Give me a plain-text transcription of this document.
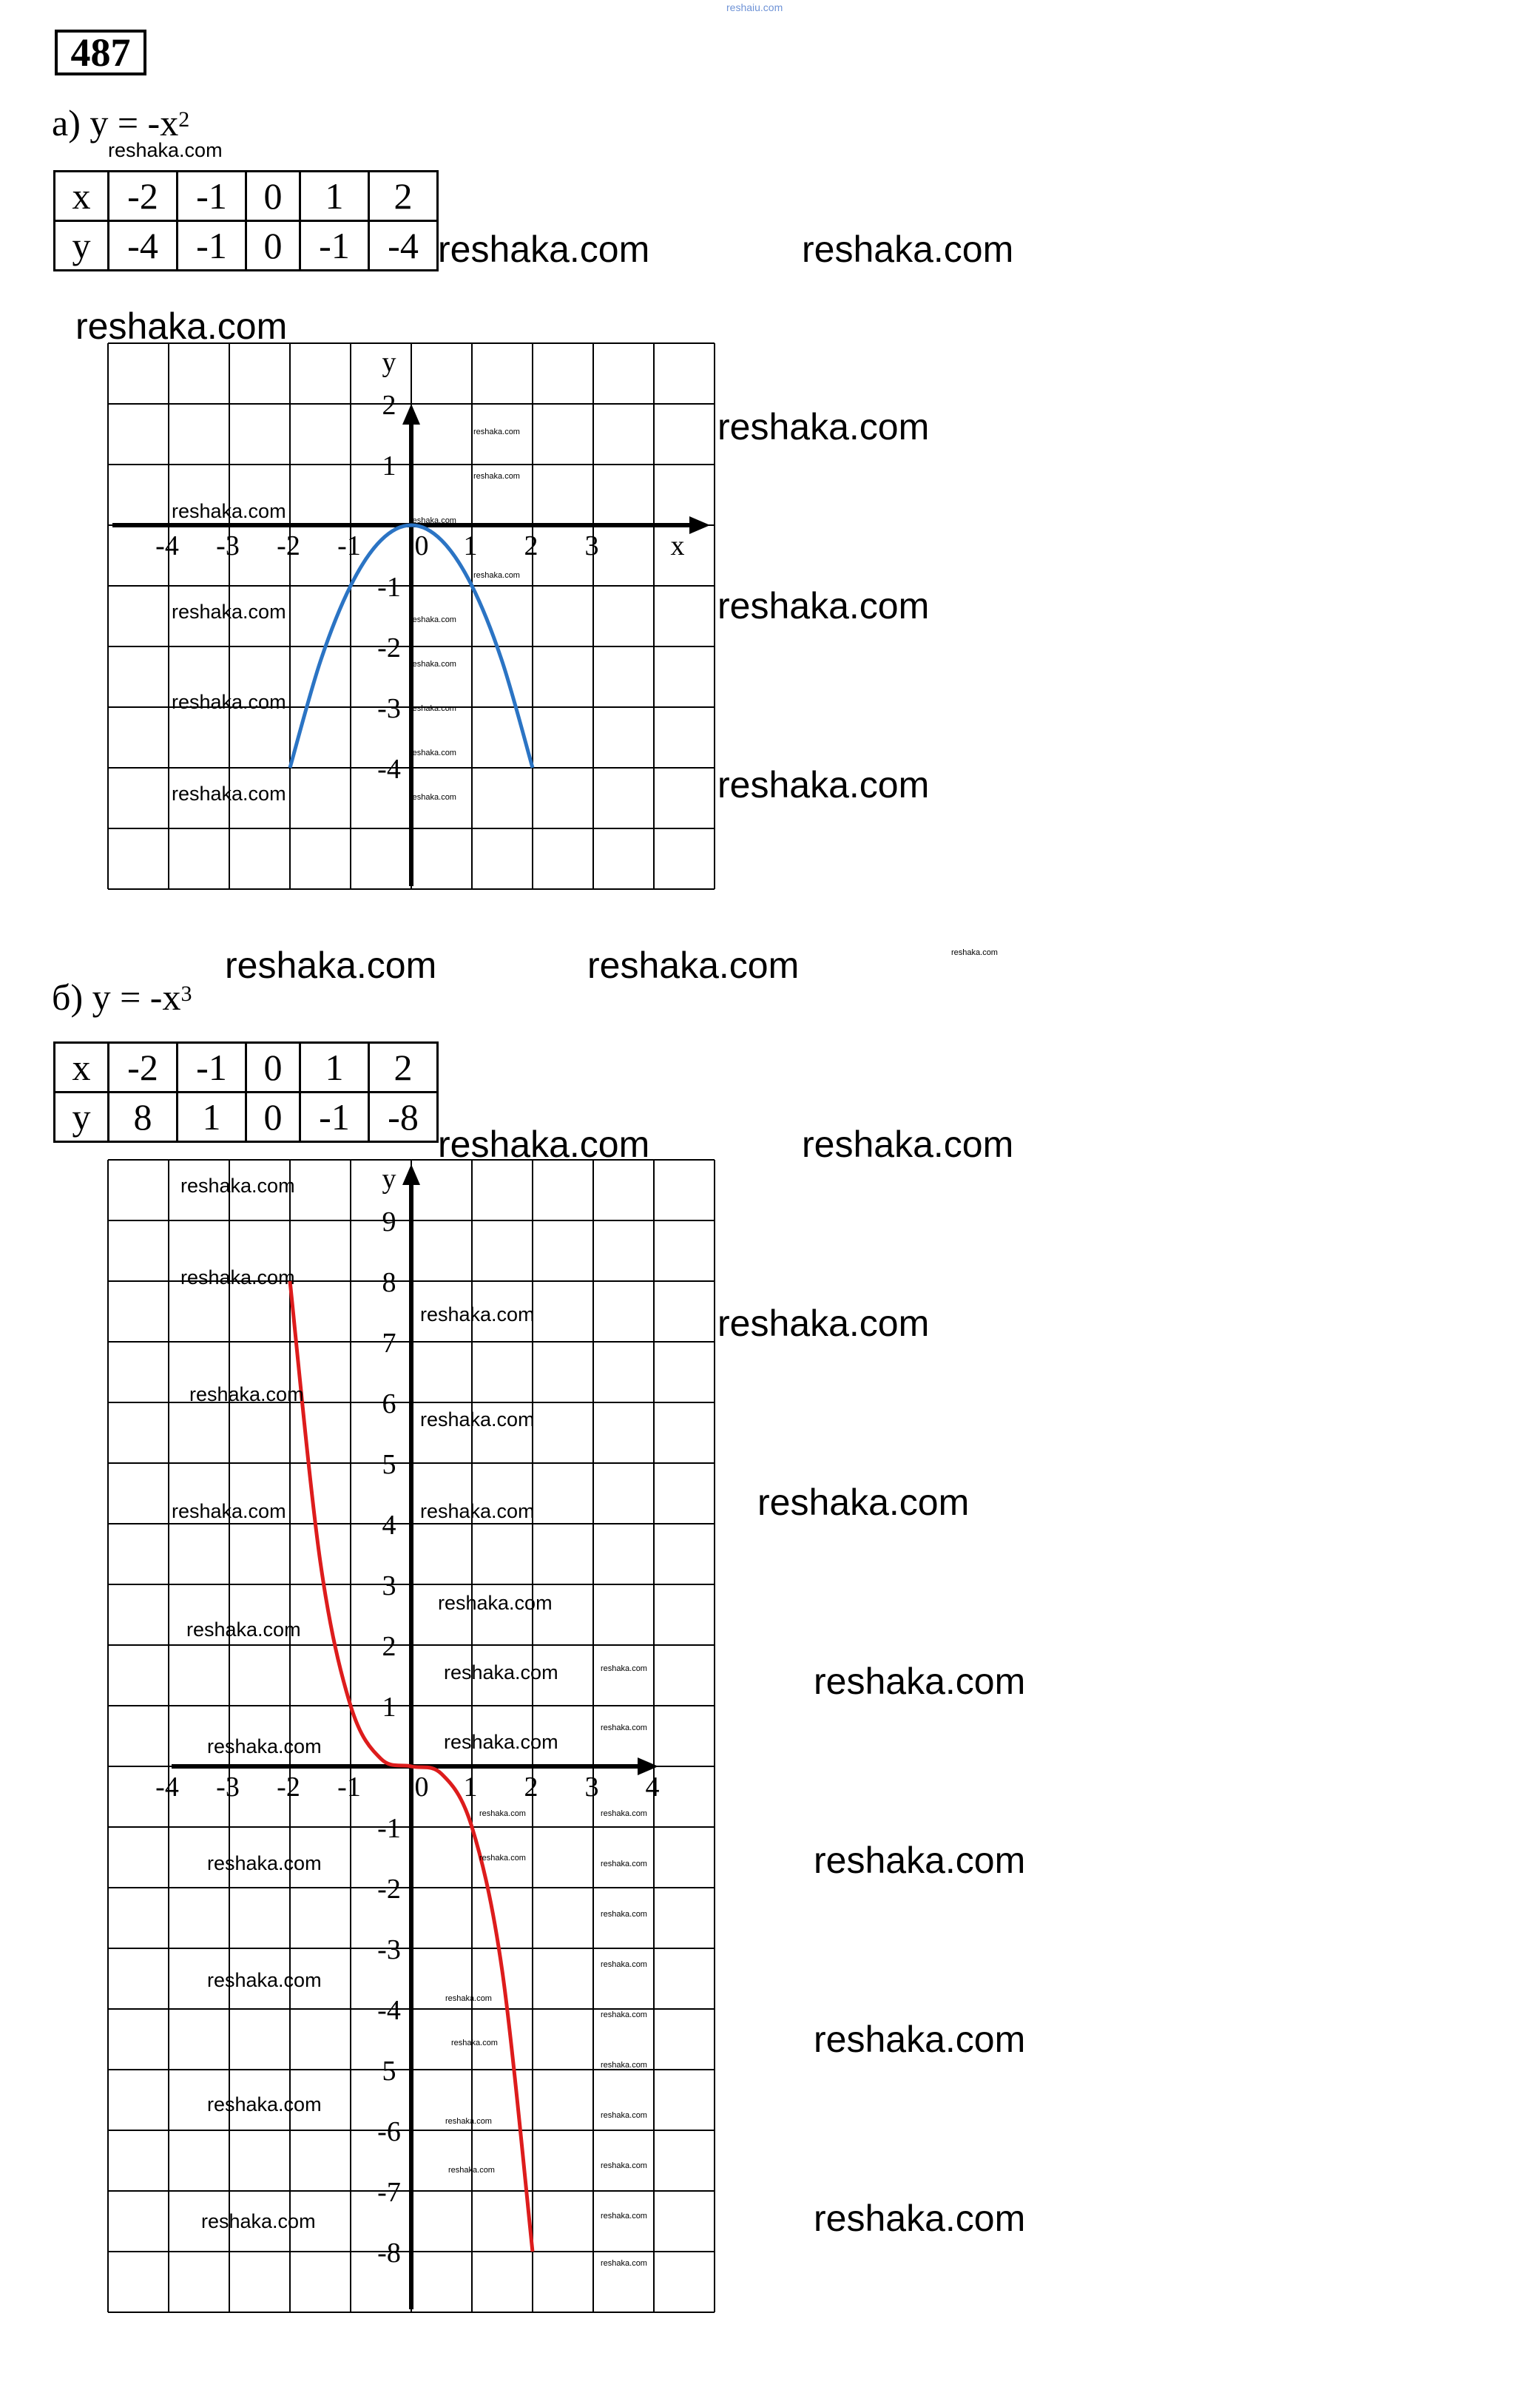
reshaiu.com
487
а) $y = -x^2$
x	-2	-1	0	1	2
y	-4	-1	0	-1	-4
б) $y = -x^3$
x	-2	-1	0	1	2
y	8	1	0	-1	-8
-4 -3 -2 -1 0 1 2 3
2
1
-1
-2
-3
-4
x
y
-4 -3 -2 -1 0 1 2 3 4
9
8
7
6
5
4
3
2
1
-1
-2
-3
-4
5
-6
-7
-8
y
reshaka.com	reshaka.com
reshaka.com
reshaka.com
reshaka.com
reshaka.com
reshaka.com	reshaka.com
reshaka.com	reshaka.com
reshaka.com
reshaka.com
reshaka.com
reshaka.com
reshaka.com
reshaka.com
reshaka.com
reshaka.com
reshaka.com
reshaka.com
reshaka.com
reshaka.com
reshaka.com
reshaka.com
reshaka.com
reshaka.com
reshaka.com
reshaka.com
reshaka.com
reshaka.com
reshaka.com
reshaka.com
reshaka.com
reshaka.com
reshaka.com
reshaka.com
reshaka.com
reshaka.com
reshaka.com
reshaka.com
reshaka.com
reshaka.com
reshaka.com
reshaka.com
reshaka.com
reshaka.com
reshaka.com
reshaka.com
reshaka.com
reshaka.com
reshaka.com
reshaka.com
reshaka.com
reshaka.com
reshaka.com
reshaka.com
reshaka.com
reshaka.com
reshaka.com
reshaka.com
reshaka.com
reshaka.com
reshaka.com
reshaka.com
reshaka.com
